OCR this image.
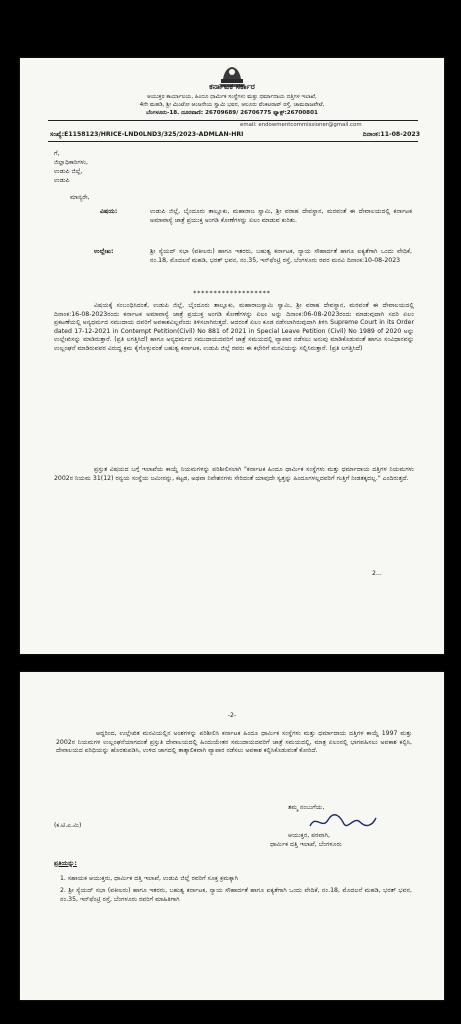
ಕರ್ನಾಟಕ ಸರ್ಕಾರ
ಆಯುಕ್ತರ ಕಾರ್ಯಾಲಯ, ಹಿಂದೂ ಧಾರ್ಮಿಕ ಸಂಸ್ಥೆಗಳು ಮತ್ತು ಧರ್ಮಾದಾಯ ದತ್ತಿಗಳ ಇಲಾಖೆ,
4ನೇ ಮಹಡಿ, ಶ್ರೀ ಮಿಂಟೋ ಆಂಜನೇಯ ಸ್ವಾಮಿ ಭವನ, ಆಲೂರು ವೆಂಕಟರಾವ್ ರಸ್ತೆ, ಚಾಮರಾಜಪೇಟೆ,
ಬೆಂಗಳೂರು-18. ದೂರವಾಣಿ: 26709689/ 26706775 ಫ್ಯಾಕ್ಸ್:26700801
email: endowmentcommissioner@gmail.com
ಸಂಖ್ಯೆ:E1158123/HRICE-LND0LND3/325/2023-ADMLAN-HRI	ದಿನಾಂಕ:11-08-2023
ಗೆ,
ಜಿಲ್ಲಾಧಿಕಾರಿಗಳು,
ಉಡುಪಿ ಜಿಲ್ಲೆ,
ಉಡುಪಿ
ಮಾನ್ಯರೇ,
ವಿಷಯ:	ಉಡುಪಿ ಜಿಲ್ಲೆ, ಬೈಂದೂರು ತಾಲ್ಲೂಕು, ಮಹಾರಾಜ ಸ್ವಾಮಿ, ಶ್ರೀ ವರಾಹ ದೇವಸ್ಥಾನ, ಮರವಂತೆ ಈ ದೇವಾಲಯದಲ್ಲಿ ಕರ್ನಾಟಕ ಅಮಾವಾಸ್ಯೆ ಜಾತ್ರೆ ಪ್ರಯುಕ್ತ ಅಂಗಡಿ ಕೋಣೆಗಳನ್ನು ಏಲಂ ಮಾಡುವ ಕುರಿತು.
ಉಲ್ಲೇಖ:	ಶ್ರೀ ಸ್ಯೆಯದ್ ಸಭಾ (ವಕೀಲರು) ಹಾಗೂ ಇತರರು, ಬಹುತ್ವ ಕರ್ನಾಟಕ, ನ್ಯಾಯ ಸೌಹಾರ್ದತೆ ಹಾಗೂ ಐಕ್ಯತೆಗಾಗಿ ಒಂದು ವೇದಿಕೆ, ನಂ.18, ಮೊದಲನೆ ಮಹಡಿ, ಭರತ್ ಭವನ, ನಂ.35, ಇನ್‌ಫೆಂಟ್ರಿ ರಸ್ತೆ, ಬೆಂಗಳೂರು ರವರ ಮನವಿ ದಿನಾಂಕ:10-08-2023
*******************
ವಿಷಯಕ್ಕೆ ಸಂಬಂಧಿಸಿದಂತೆ, ಉಡುಪಿ ಜಿಲ್ಲೆ, ಬೈಂದೂರು ತಾಲ್ಲೂಕು, ಮಹಾರಾಜಸ್ವಾಮಿ ಸ್ವಾಮಿ, ಶ್ರೀ ವರಾಹ ದೇವಸ್ಥಾನ, ಮರವಂತೆ ಈ ದೇವಾಲಯದಲ್ಲಿ ದಿನಾಂಕ:16-08-2023ರಂದು ಕರ್ನಾಟಕ ಅಮಾವಾಸ್ಯೆ ಜಾತ್ರೆ ಪ್ರಯುಕ್ತ ಅಂಗಡಿ ಕೋಣೆಗಳನ್ನು ಏಲಂ ಅನ್ನು ದಿನಾಂಕ:06-08-2023ರಂದು ಮಾಡುವುದಾಗಿ ಸದರಿ ಏಲಂ ಪ್ರಕಟಣೆಯಲ್ಲಿ ಅನ್ಯಧರ್ಮದ ಸಮುದಾಯ ದವರಿಗೆ ಅವಕಾಶವಿಲ್ಲವೆಂದು ತಿಳಿಸಲಾಗಿರುತ್ತದೆ. ಆದರಂತೆ ಏಲಂ ಕೂಡ ನಡೆಸಲಾಗಿರುವುದಾಗಿ ತಿಳಿಸಿ Supreme Court in its Order dated 17-12-2021 in Contempt Petition(Civil) No 881 of 2021 in Special Leave Petition (Civil) No 1989 of 2020 ಅನ್ನು ಉಲ್ಲೇಖಿಸನ್ನು ಮಾಡಿರುತ್ತಾರೆ. (ಪ್ರತಿ ಲಗತ್ತಿಸಿದೆ) ಹಾಗೂ ಅನ್ಯಧರ್ಮದ ಸಮುದಾಯದವರಿಗೆ ಜಾತ್ರೆ ಸಮಯದಲ್ಲಿ ವ್ಯಾಪಾರ ನಡೆಸಲು ಅನುವು ಮಾಡಿಕೊಡುವಂತೆ ಹಾಗೂ ಸಂವಿಧಾನವನ್ನು ಉಲ್ಲಂಘನೆ ಮಾಡಿರುವವರ ವಿರುದ್ಧ ಕ್ರಮ ಕೈಗೊಳ್ಳುವಂತೆ ಬಹುತ್ವ ಕರ್ನಾಟಕ, ಉಡುಪಿ ಜಿಲ್ಲೆ ರವರು ಈ ಕಛೇರಿಗೆ ಮನವಿಯನ್ನು ಸಲ್ಲಿಸಿರುತ್ತಾರೆ. (ಪ್ರತಿ ಲಗತ್ತಿಸಿದೆ)
ಪ್ರಸ್ತುತ ವಿಷಯದ ಬಗ್ಗೆ ಇಲಾಖೆಯ ಕಾಯ್ದೆ ನಿಯಮಗಳನ್ನು ಪರಿಶೀಲಿಸಲಾಗಿ "ಕರ್ನಾಟಕ ಹಿಂದೂ ಧಾರ್ಮಿಕ ಸಂಸ್ಥೆಗಳು ಮತ್ತು ಧರ್ಮಾದಾಯ ದತ್ತಿಗಳ ನಿಯಮಗಳು 2002ರ ನಿಯಮ 31(12) ರನ್ವಯ ಸಂಸ್ಥೆಯ ಜಮೀನನ್ನು, ಕಟ್ಟಡ, ಅಥವಾ ನಿವೇಶನಗಳು ಸೇರಿದಂತೆ ಯಾವುದೇ ಸ್ವತ್ತನ್ನು ಹಿಂದೂಗಳಲ್ಲದವರಿಗೆ ಗುತ್ತಿಗೆ ನೀಡತಕ್ಕದಲ್ಲ." ಎಂದಿರುತ್ತದೆ.
2...
-2-
ಆದ್ದರಿಂದ, ಉಲ್ಲೇಖಿತ ಮನವಿಯಲ್ಲಿನ ಅಂಶಗಳನ್ನು ಪರಿಶೀಲಿಸಿ ಕರ್ನಾಟಕ ಹಿಂದೂ ಧಾರ್ಮಿಕ ಸಂಸ್ಥೆಗಳು ಮತ್ತು ಧರ್ಮಾದಾಯ ದತ್ತಿಗಳ ಕಾಯ್ದೆ 1997 ಮತ್ತು 2002ರ ನಿಯಮಗಳ ಉಲ್ಲಂಘನೆಯಾಗದಂತೆ ಪ್ರಸ್ತುತಿ ದೇವಾಲಯದಲ್ಲಿ ಹಿಂದುಯೇತರ ಸಮುದಾಯದವರಿಗೆ ಜಾತ್ರೆ ಸಮಯದಲ್ಲಿ, ಮಾತ್ರ ಏಲಂನಲ್ಲಿ ಭಾಗವಹಿಸಲು ಅವಕಾಶ ಕಲ್ಪಿಸಿ, ದೇವಾಲಯದ ಪರಿಧಿಯನ್ನು ಹೊರತುಪಡಿಸಿ, ಉಳಿದ ಜಾಗದಲ್ಲಿ ತಾತ್ಕಾಲಿಕವಾಗಿ ವ್ಯಾಪಾರ ನಡೆಸಲು ಅವಕಾಶ ಕಲ್ಪಿಸಿಕೊಡುವಂತೆ ಕೋರಿದೆ.
ತಮ್ಮ ನಂಬುಗೆಯ,
(ಕ.ಟಿ.ಎ.ಮಿ)
ಆಯುಕ್ತರ, ಪರವಾಗಿ,
ಧಾರ್ಮಿಕ ದತ್ತಿ ಇಲಾಖೆ, ಬೆಂಗಳೂರು
ಪ್ರತಿಯನ್ನು:
1. ಸಹಾಯಕ ಆಯುಕ್ತರು, ಧಾರ್ಮಿಕ ದತ್ತಿ ಇಲಾಖೆ, ಉಡುಪಿ ಜಿಲ್ಲೆ ರವರಿಗೆ ಸೂಕ್ತ ಕ್ರಮಕ್ಕಾಗಿ
2. ಶ್ರೀ ಸ್ಯೆಯದ್ ಸಭಾ (ವಕೀಲರು) ಹಾಗೂ ಇತರರು, ಬಹುತ್ವ ಕರ್ನಾಟಕ, ನ್ಯಾಯ ಸೌಹಾರ್ದತೆ ಹಾಗೂ ಐಕ್ಯತೆಗಾಗಿ ಒಂದು ವೇದಿಕೆ, ನಂ.18, ಮೊದಲನೆ ಮಹಡಿ, ಭರತ್ ಭವನ, ನಂ.35, ಇನ್‌ಫೆಂಟ್ರಿ ರಸ್ತೆ, ಬೆಂಗಳೂರು ರವರಿಗೆ ಮಾಹಿತಿಗಾಗಿ
